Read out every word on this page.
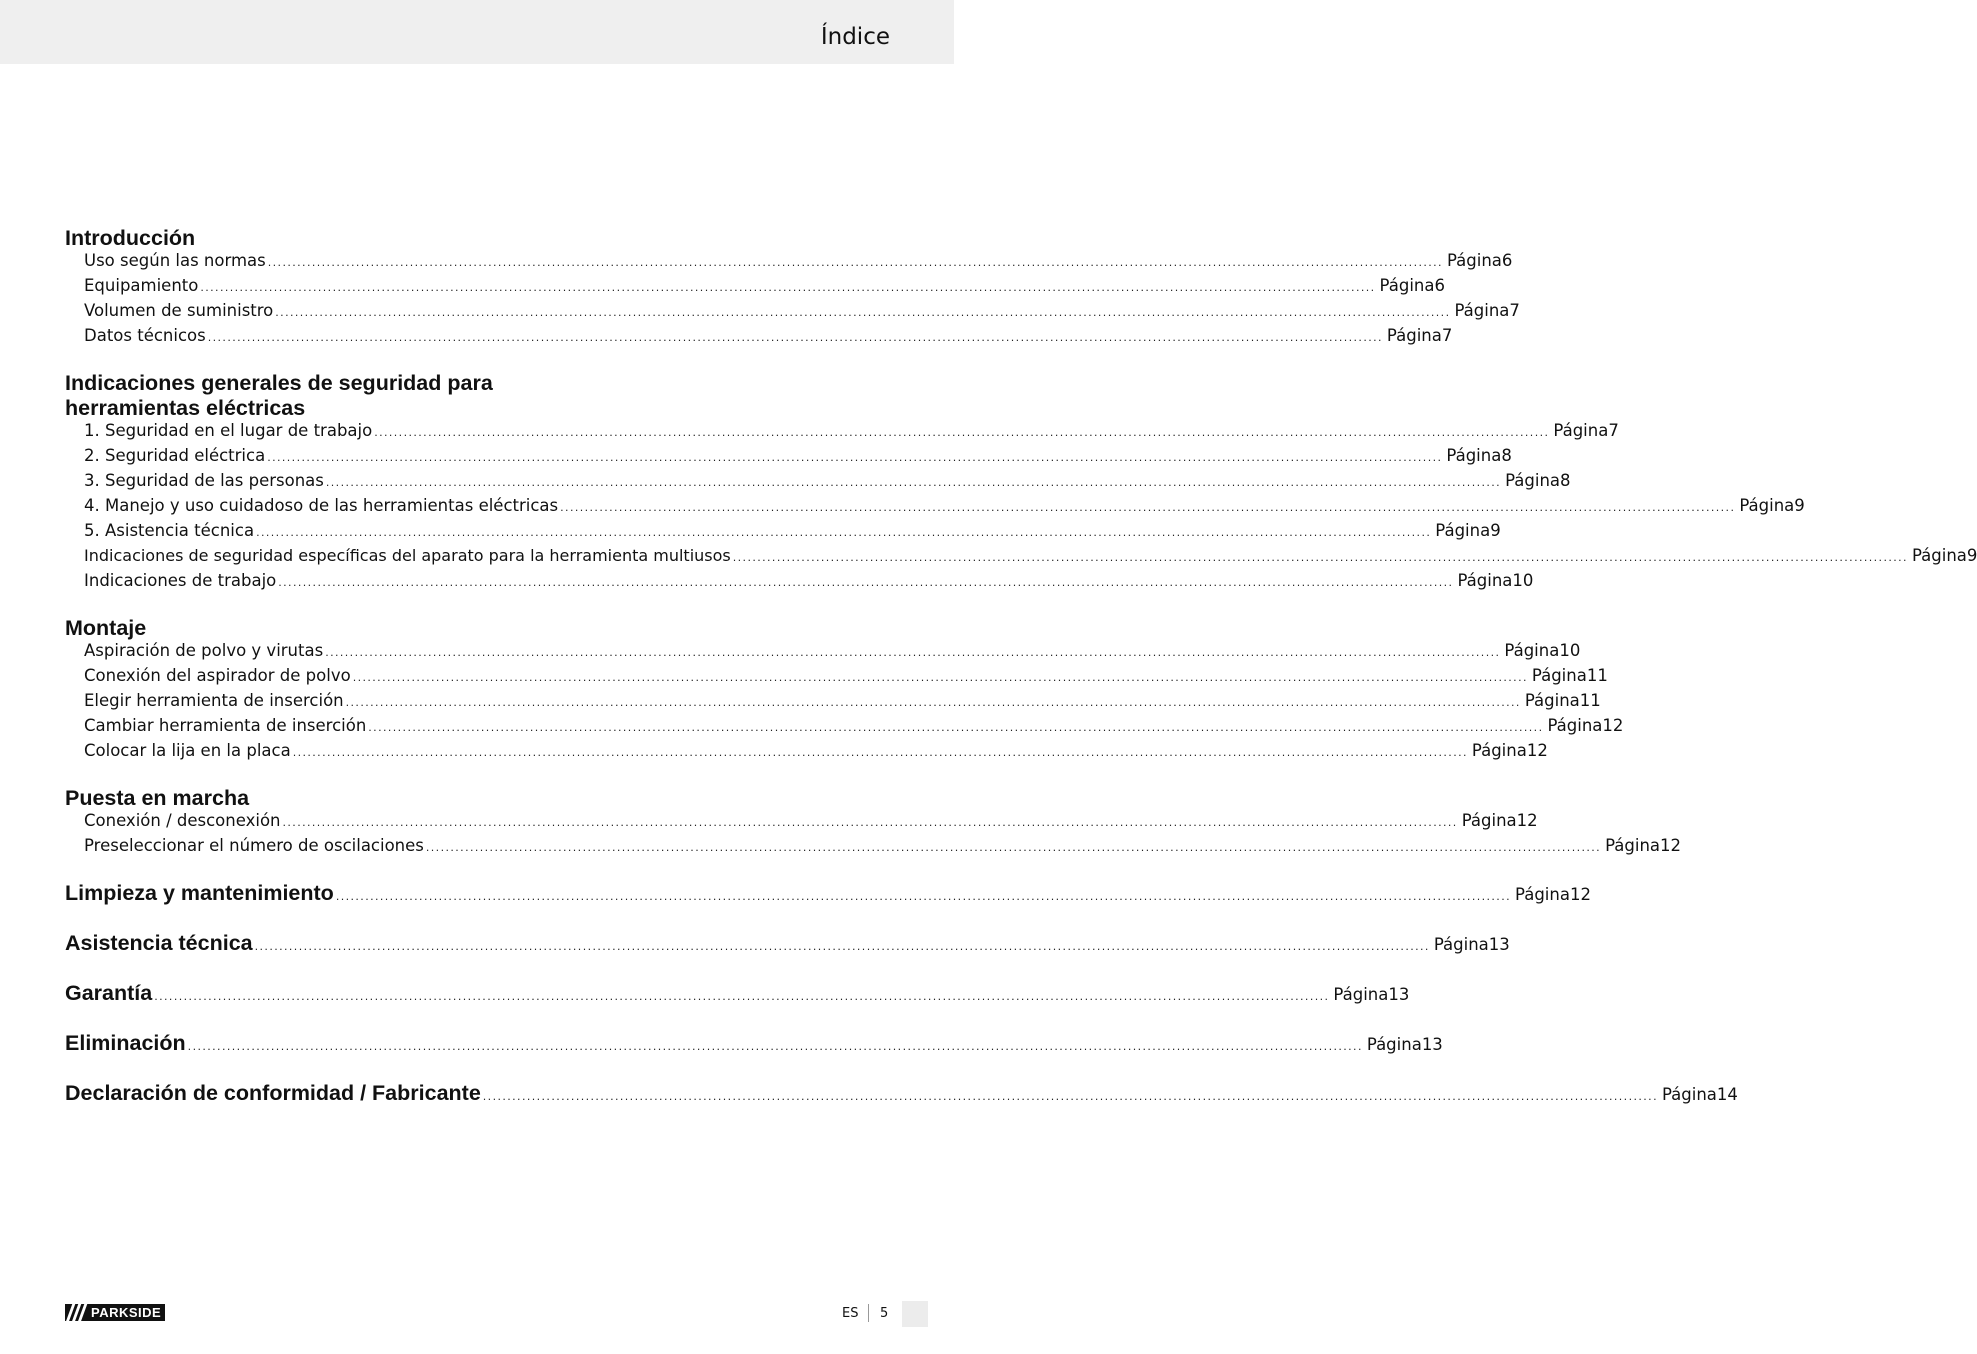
Índice
Introducción
Uso según las normas ................................................................................................................................................................................................................................................ Página 6
Equipamiento ................................................................................................................................................................................................................................................ Página 6
Volumen de suministro ................................................................................................................................................................................................................................................ Página 7
Datos técnicos ................................................................................................................................................................................................................................................ Página 7
Indicaciones generales de seguridad para
herramientas eléctricas
1. Seguridad en el lugar de trabajo ................................................................................................................................................................................................................................................ Página 7
2. Seguridad eléctrica ................................................................................................................................................................................................................................................ Página 8
3. Seguridad de las personas ................................................................................................................................................................................................................................................ Página 8
4. Manejo y uso cuidadoso de las herramientas eléctricas ................................................................................................................................................................................................................................................ Página 9
5. Asistencia técnica ................................................................................................................................................................................................................................................ Página 9
Indicaciones de seguridad específicas del aparato para la herramienta multiusos ................................................................................................................................................................................................................................................ Página 9
Indicaciones de trabajo ................................................................................................................................................................................................................................................ Página 10
Montaje
Aspiración de polvo y virutas ................................................................................................................................................................................................................................................ Página 10
Conexión del aspirador de polvo ................................................................................................................................................................................................................................................ Página 11
Elegir herramienta de inserción ................................................................................................................................................................................................................................................ Página 11
Cambiar herramienta de inserción ................................................................................................................................................................................................................................................ Página 12
Colocar la lija en la placa ................................................................................................................................................................................................................................................ Página 12
Puesta en marcha
Conexión / desconexión ................................................................................................................................................................................................................................................ Página 12
Preseleccionar el número de oscilaciones ................................................................................................................................................................................................................................................ Página 12
Limpieza y mantenimiento ................................................................................................................................................................................................................................................ Página 12
Asistencia técnica ................................................................................................................................................................................................................................................ Página 13
Garantía ................................................................................................................................................................................................................................................ Página 13
Eliminación ................................................................................................................................................................................................................................................ Página 13
Declaración de conformidad / Fabricante ................................................................................................................................................................................................................................................ Página 14
PARKSIDE	ES 5
